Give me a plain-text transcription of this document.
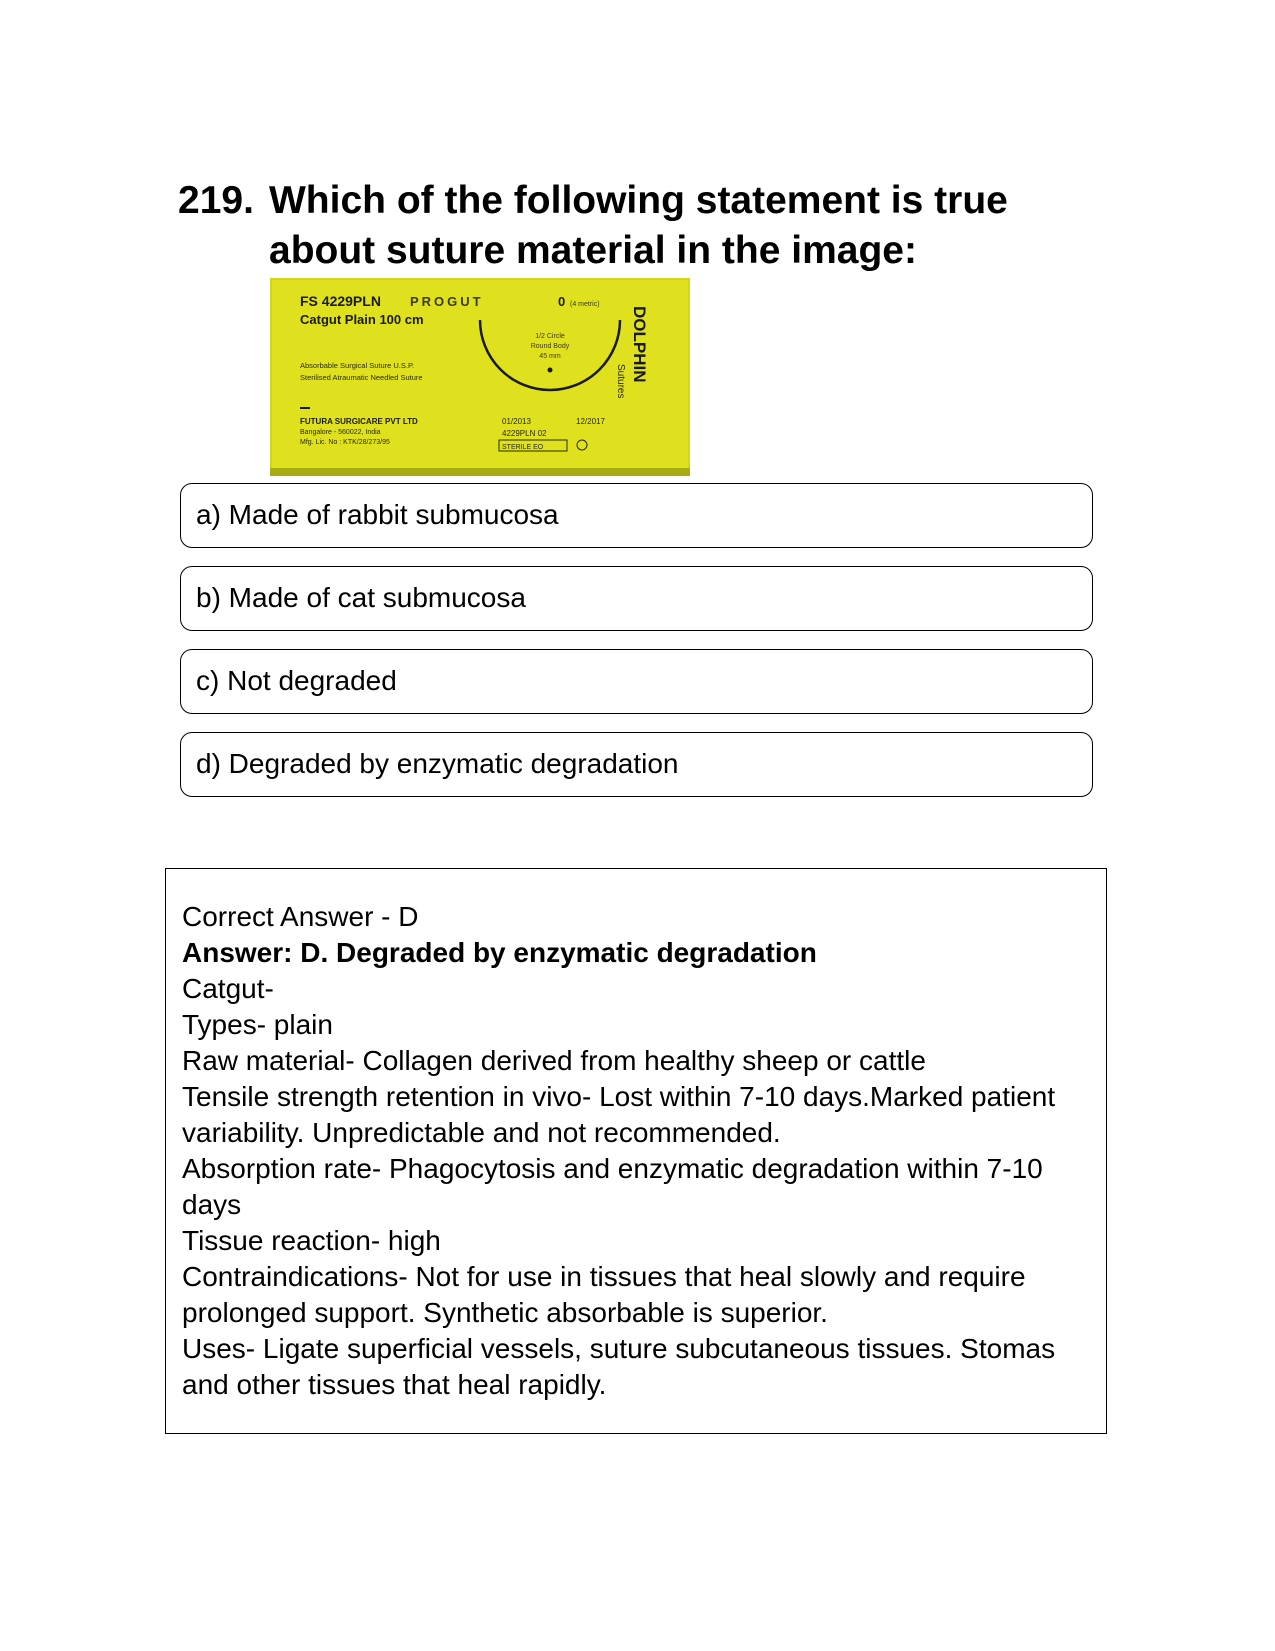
219. Which of the following statement is true about suture material in the image:
FS 4229PLN PROGUT	0 (4 metric)
Catgut Plain 100 cm
Absorbable Surgical Suture U.S.P.
Sterilised Atraumatic Needled Suture
1/2 Circle
Round Body
45 mm
FUTURA SURGICARE PVT LTD
Bangalore - 560022, India
Mfg. Lic. No : KTK/28/273/95
01/2013	12/2017
4229PLN 02
STERILE EO
DOLPHIN
Sutures
a) Made of rabbit submucosa
b) Made of cat submucosa
c) Not degraded
d) Degraded by enzymatic degradation

Correct Answer - D

Answer: D. Degraded by enzymatic degradation

Catgut-

Types- plain

Raw material- Collagen derived from healthy sheep or cattle

Tensile strength retention in vivo- Lost within 7-10 days.Marked patient variability. Unpredictable and not recommended.

Absorption rate- Phagocytosis and enzymatic degradation within 7-10 days

Tissue reaction- high

Contraindications- Not for use in tissues that heal slowly and require prolonged support. Synthetic absorbable is superior.

Uses- Ligate superficial vessels, suture subcutaneous tissues. Stomas and other tissues that heal rapidly.
